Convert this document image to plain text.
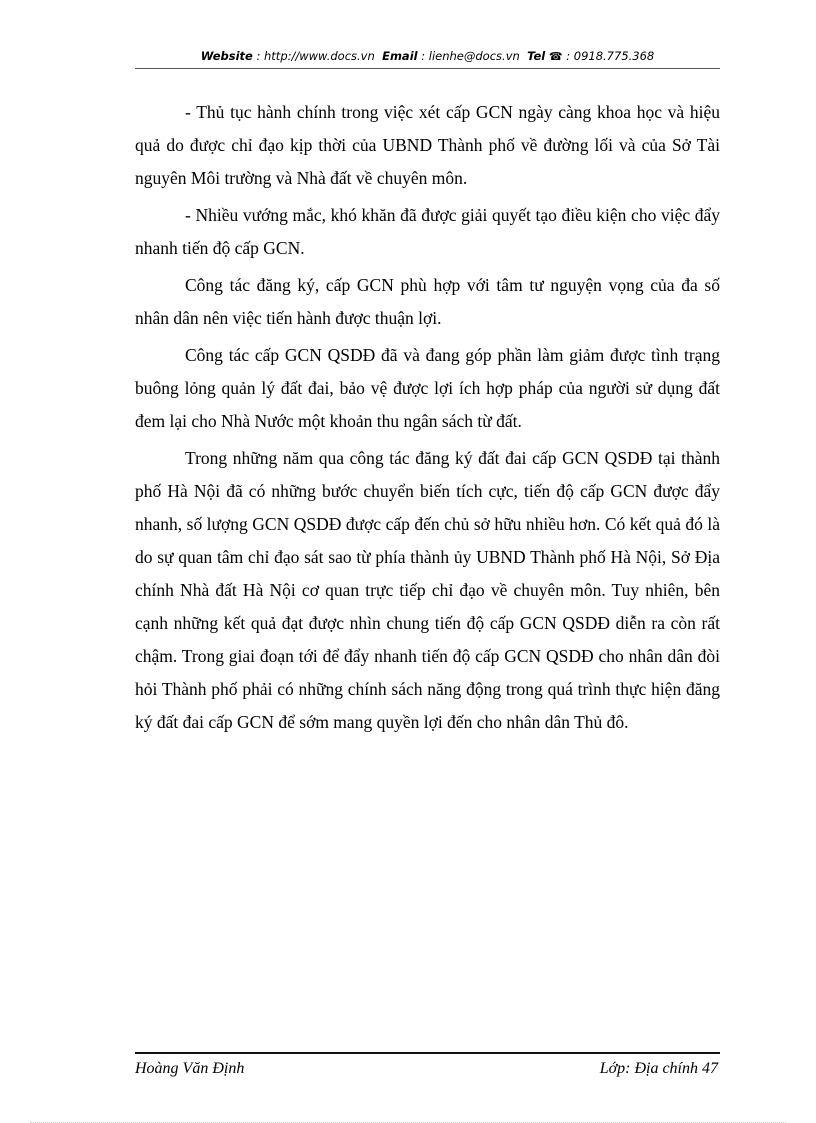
Website : http://www.docs.vn Email : lienhe@docs.vn Tel ☎ : 0918.775.368

- Thủ tục hành chính trong việc xét cấp GCN ngày càng khoa học và hiệu quả do được chỉ đạo kịp thời của UBND Thành phố về đường lối và của Sở Tài nguyên Môi trường và Nhà đất về chuyên môn.

- Nhiều vướng mắc, khó khăn đã được giải quyết tạo điều kiện cho việc đẩy nhanh tiến độ cấp GCN.

Công tác đăng ký, cấp GCN phù hợp với tâm tư nguyện vọng của đa số nhân dân nên việc tiến hành được thuận lợi.

Công tác cấp GCN QSDĐ đã và đang góp phần làm giảm được tình trạng buông lỏng quản lý đất đai, bảo vệ được lợi ích hợp pháp của người sử dụng đất đem lại cho Nhà Nước một khoản thu ngân sách từ đất.

Trong những năm qua công tác đăng ký đất đai cấp GCN QSDĐ tại thành phố Hà Nội đã có những bước chuyển biến tích cực, tiến độ cấp GCN được đẩy nhanh, số lượng GCN QSDĐ được cấp đến chủ sở hữu nhiều hơn. Có kết quả đó là do sự quan tâm chỉ đạo sát sao từ phía thành ủy UBND Thành phố Hà Nội, Sở Địa chính Nhà đất Hà Nội cơ quan trực tiếp chỉ đạo về chuyên môn. Tuy nhiên, bên cạnh những kết quả đạt được nhìn chung tiến độ cấp GCN QSDĐ diễn ra còn rất chậm. Trong giai đoạn tới để đẩy nhanh tiến độ cấp GCN QSDĐ cho nhân dân đòi hỏi Thành phố phải có những chính sách năng động trong quá trình thực hiện đăng ký đất đai cấp GCN để sớm mang quyền lợi đến cho nhân dân Thủ đô.

Hoàng Văn Định	Lớp: Địa chính 47
